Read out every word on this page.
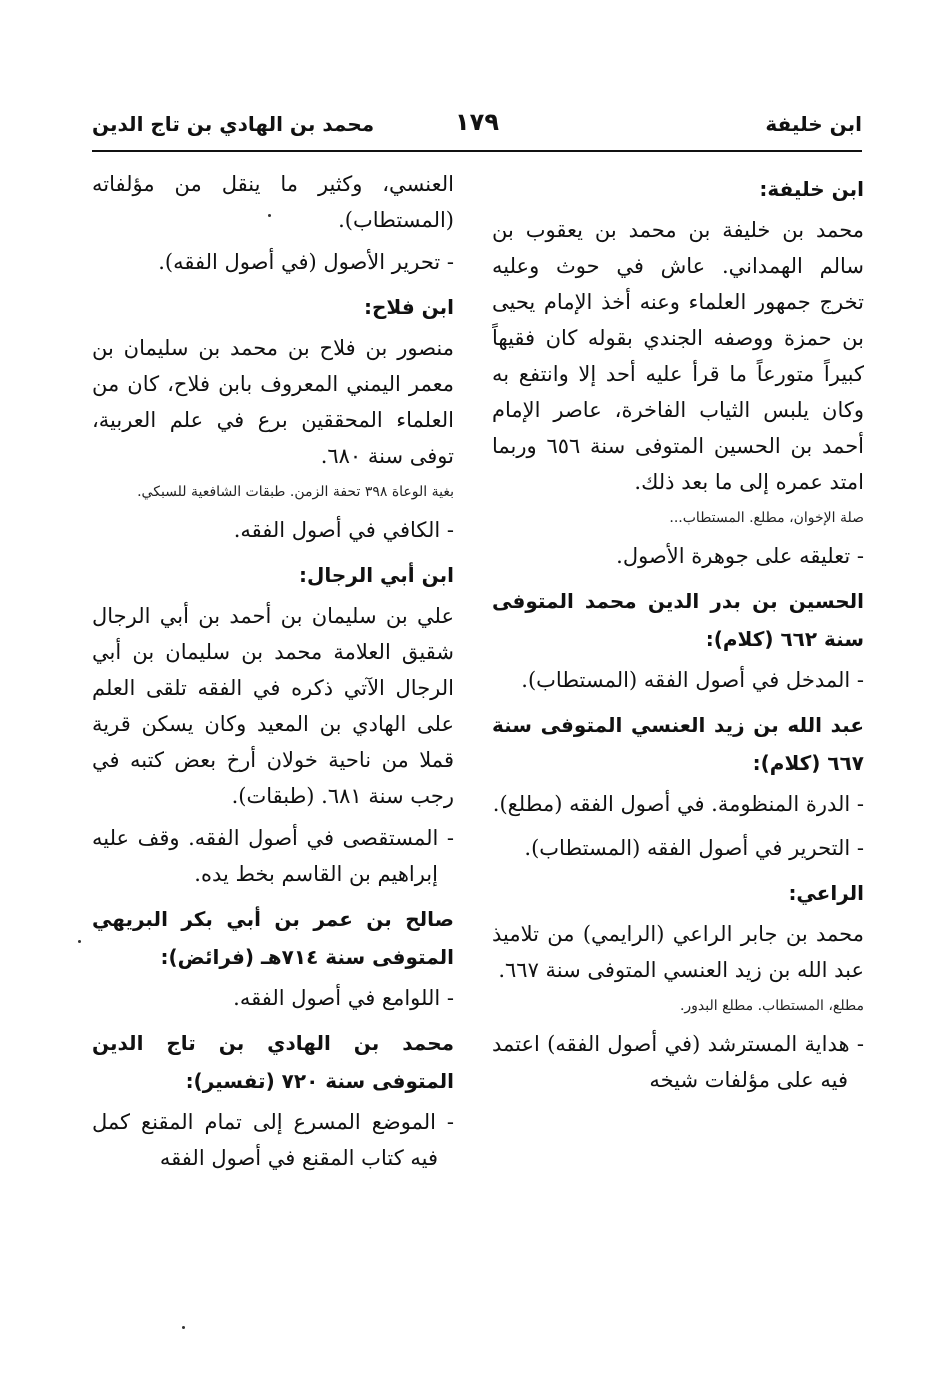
ابن خليفة
١٧٩
محمد بن الهادي بن تاج الدين
ابن خليفة:
محمد بن خليفة بن محمد بن يعقوب بن سالم الهمداني. عاش في حوث وعليه تخرج جمهور العلماء وعنه أخذ الإمام يحيى بن حمزة ووصفه الجندي بقوله كان فقيهاً كبيراً متورعاً ما قرأ عليه أحد إلا وانتفع به وكان يلبس الثياب الفاخرة، عاصر الإمام أحمد بن الحسين المتوفى سنة ٦٥٦ وربما امتد عمره إلى ما بعد ذلك.
صلة الإخوان، مطلع. المستطاب...
- تعليقه على جوهرة الأصول.
الحسين بن بدر الدين محمد المتوفى سنة ٦٦٢ (كلام):
- المدخل في أصول الفقه (المستطاب).
عبد الله بن زيد العنسي المتوفى سنة ٦٦٧ (كلام):
- الدرة المنظومة. في أصول الفقه (مطلع).
- التحرير في أصول الفقه (المستطاب).
الراعي:
محمد بن جابر الراعي (الرايمي) من تلاميذ عبد الله بن زيد العنسي المتوفى سنة ٦٦٧.
مطلع، المستطاب. مطلع البدور.
- هداية المسترشد (في أصول الفقه) اعتمد فيه على مؤلفات شيخه
العنسي، وكثير ما ينقل من مؤلفاته (المستطاب).
- تحرير الأصول (في أصول الفقه).
ابن فلاح:
منصور بن فلاح بن محمد بن سليمان بن معمر اليمني المعروف بابن فلاح، كان من العلماء المحققين برع في علم العربية، توفى سنة ٦٨٠.
بغية الوعاة ٣٩٨ تحفة الزمن. طبقات الشافعية للسبكي.
- الكافي في أصول الفقه.
ابن أبي الرجال:
علي بن سليمان بن أحمد بن أبي الرجال شقيق العلامة محمد بن سليمان بن أبي الرجال الآتي ذكره في الفقه تلقى العلم على الهادي بن المعيد وكان يسكن قرية قملا من ناحية خولان أرخ بعض كتبه في رجب سنة ٦٨١. (طبقات).
- المستقصى في أصول الفقه. وقف عليه إبراهيم بن القاسم بخط يده.
صالح بن عمر بن أبي بكر البريهي المتوفى سنة ٧١٤هـ (فرائض):
- اللوامع في أصول الفقه.
محمد بن الهادي بن تاج الدين المتوفى سنة ٧٢٠ (تفسير):
- الموضع المسرع إلى تمام المقنع كمل فيه كتاب المقنع في أصول الفقه
